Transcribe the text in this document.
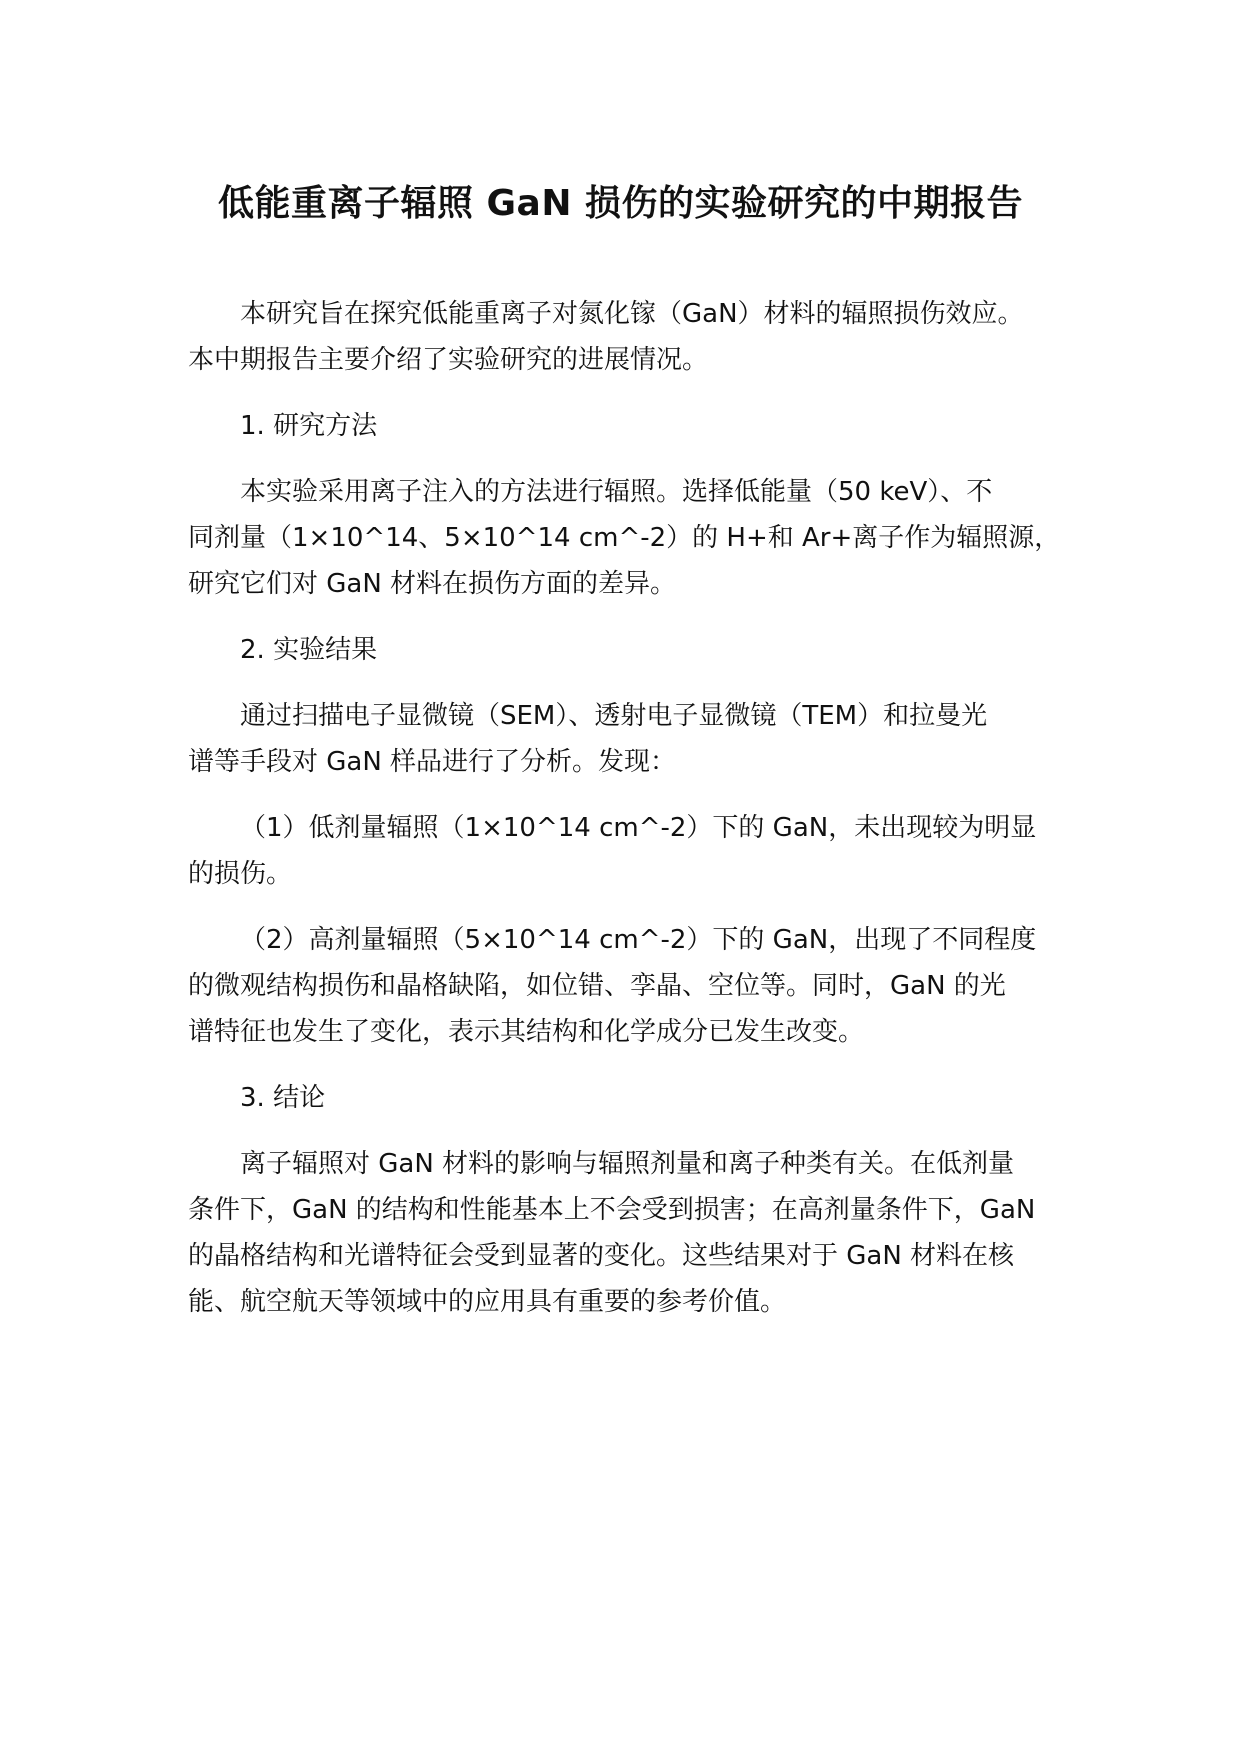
低能重离子辐照 GaN 损伤的实验研究的中期报告

本研究旨在探究低能重离子对氮化镓（GaN）材料的辐照损伤效应。
本中期报告主要介绍了实验研究的进展情况。

1. 研究方法

本实验采用离子注入的方法进行辐照。选择低能量（50 keV）、不
同剂量（1×10^14、5×10^14 cm^-2）的 H+和 Ar+离子作为辐照源，
研究它们对 GaN 材料在损伤方面的差异。

2. 实验结果

通过扫描电子显微镜（SEM）、透射电子显微镜（TEM）和拉曼光
谱等手段对 GaN 样品进行了分析。发现：

（1）低剂量辐照（1×10^14 cm^-2）下的 GaN，未出现较为明显
的损伤。

（2）高剂量辐照（5×10^14 cm^-2）下的 GaN，出现了不同程度
的微观结构损伤和晶格缺陷，如位错、孪晶、空位等。同时，GaN 的光
谱特征也发生了变化，表示其结构和化学成分已发生改变。

3. 结论

离子辐照对 GaN 材料的影响与辐照剂量和离子种类有关。在低剂量
条件下，GaN 的结构和性能基本上不会受到损害；在高剂量条件下，GaN
的晶格结构和光谱特征会受到显著的变化。这些结果对于 GaN 材料在核
能、航空航天等领域中的应用具有重要的参考价值。
